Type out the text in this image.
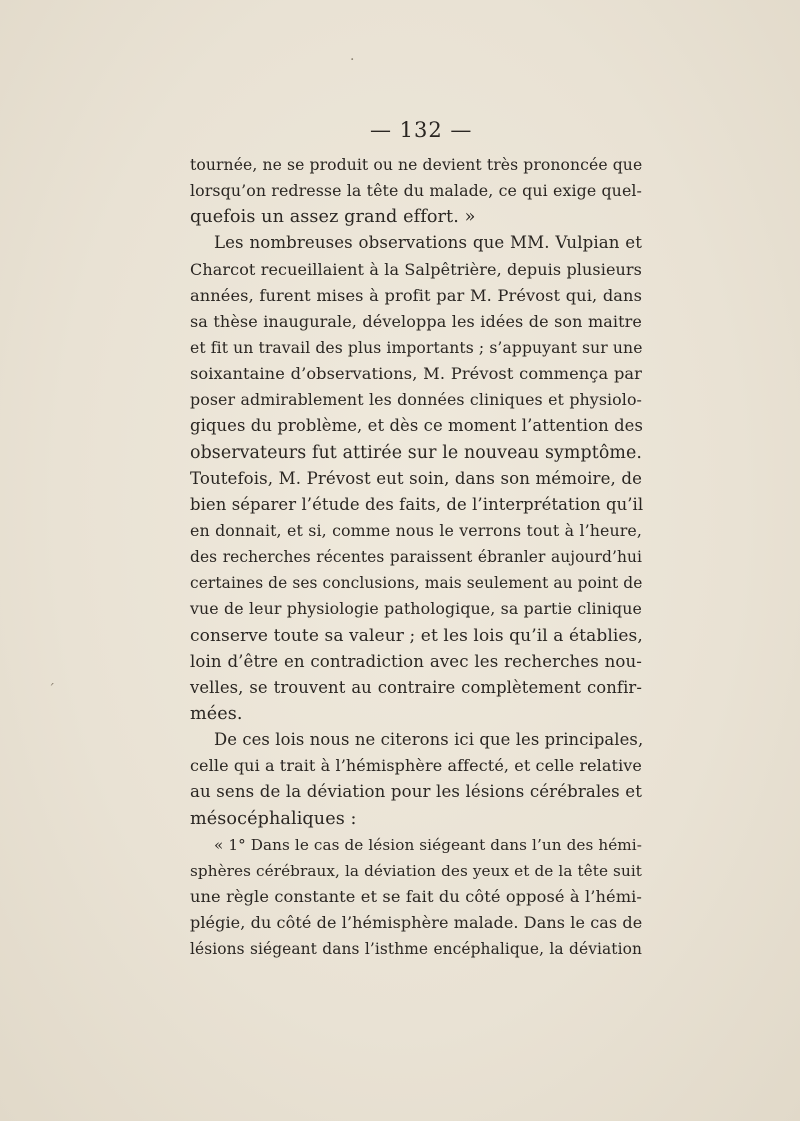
— 132 —
tournée, ne se produit ou ne devient très prononcée que
lorsqu’on redresse la tête du malade, ce qui exige quel-
quefois un assez grand effort. »
Les nombreuses observations que MM. Vulpian et
Charcot recueillaient à la Salpêtrière, depuis plusieurs
années, furent mises à profit par M. Prévost qui, dans
sa thèse inaugurale, développa les idées de son maitre
et fit un travail des plus importants ; s’appuyant sur une
soixantaine d’observations, M. Prévost commença par
poser admirablement les données cliniques et physiolo-
giques du problème, et dès ce moment l’attention des
observateurs fut attirée sur le nouveau symptôme.
Toutefois, M. Prévost eut soin, dans son mémoire, de
bien séparer l’étude des faits, de l’interprétation qu’il
en donnait, et si, comme nous le verrons tout à l’heure,
des recherches récentes paraissent ébranler aujourd’hui
certaines de ses conclusions, mais seulement au point de
vue de leur physiologie pathologique, sa partie clinique
conserve toute sa valeur ; et les lois qu’il a établies,
loin d’être en contradiction avec les recherches nou-
velles, se trouvent au contraire complètement confir-
mées.
De ces lois nous ne citerons ici que les principales,
celle qui a trait à l’hémisphère affecté, et celle relative
au sens de la déviation pour les lésions cérébrales et
mésocéphaliques :
« 1° Dans le cas de lésion siégeant dans l’un des hémi-
sphères cérébraux, la déviation des yeux et de la tête suit
une règle constante et se fait du côté opposé à l’hémi-
plégie, du côté de l’hémisphère malade. Dans le cas de
lésions siégeant dans l’isthme encéphalique, la déviation
ˊ
·
